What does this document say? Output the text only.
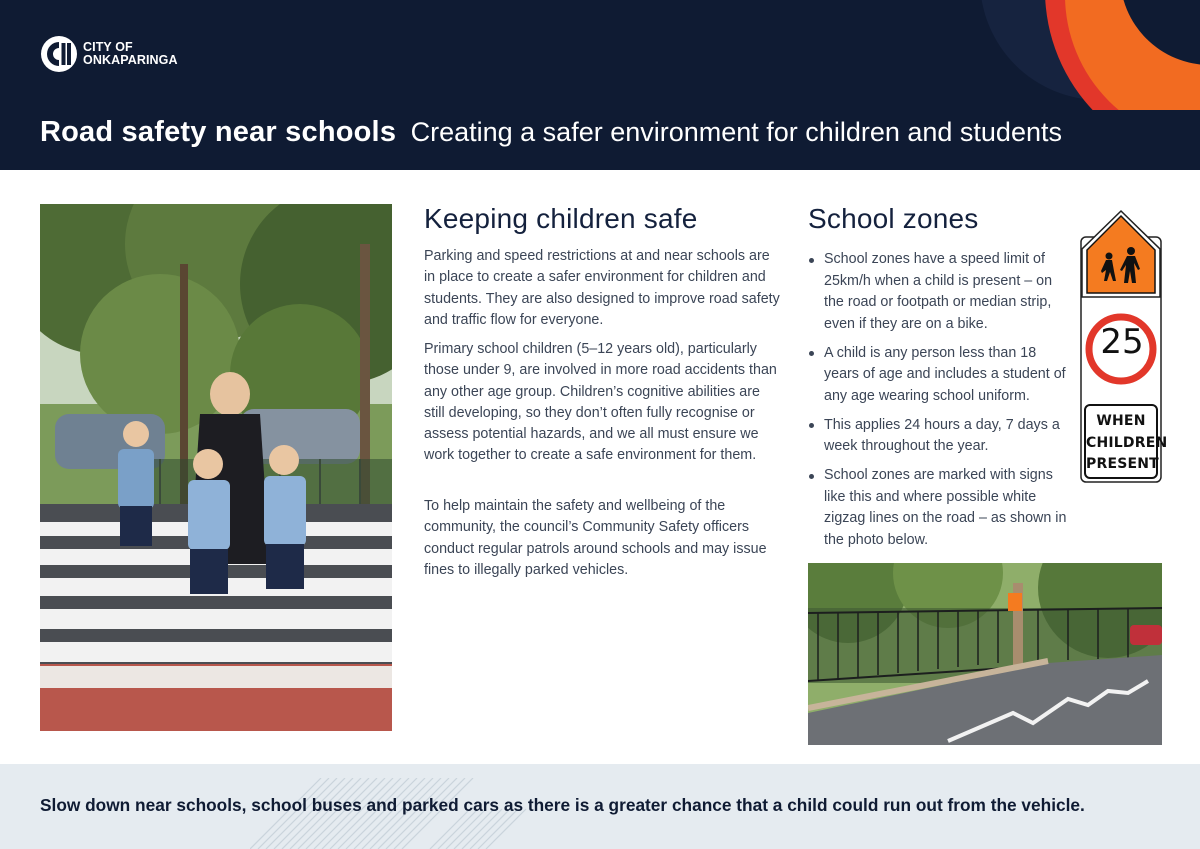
CITY OF
ONKAPARINGA
Road safety near schools Creating a safer environment for children and students
Keeping children safe

Parking and speed restrictions at and near schools are in place to create a safer environment for children and students. They are also designed to improve road safety and traffic flow for everyone.

Primary school children (5–12 years old), particularly those under 9, are involved in more road accidents than any other age group. Children’s cognitive abilities are still developing, so they don’t often fully recognise or assess potential hazards, and we all must ensure we work together to create a safe environment for them.

To help maintain the safety and wellbeing of the community, the council’s Community Safety officers conduct regular patrols around schools and may issue fines to illegally parked vehicles.

School zones
School zones have a speed limit of 25km/h when a child is present – on the road or footpath or median strip, even if they are on a bike.
A child is any person less than 18 years of age and includes a student of any age wearing school uniform.
This applies 24 hours a day, 7 days a week throughout the year.
School zones are marked with signs like this and where possible white zigzag lines on the road – as shown in the photo below.
25
WHEN
CHILDREN
PRESENT
Slow down near schools, school buses and parked cars as there is a greater chance that a child could run out from the vehicle.
